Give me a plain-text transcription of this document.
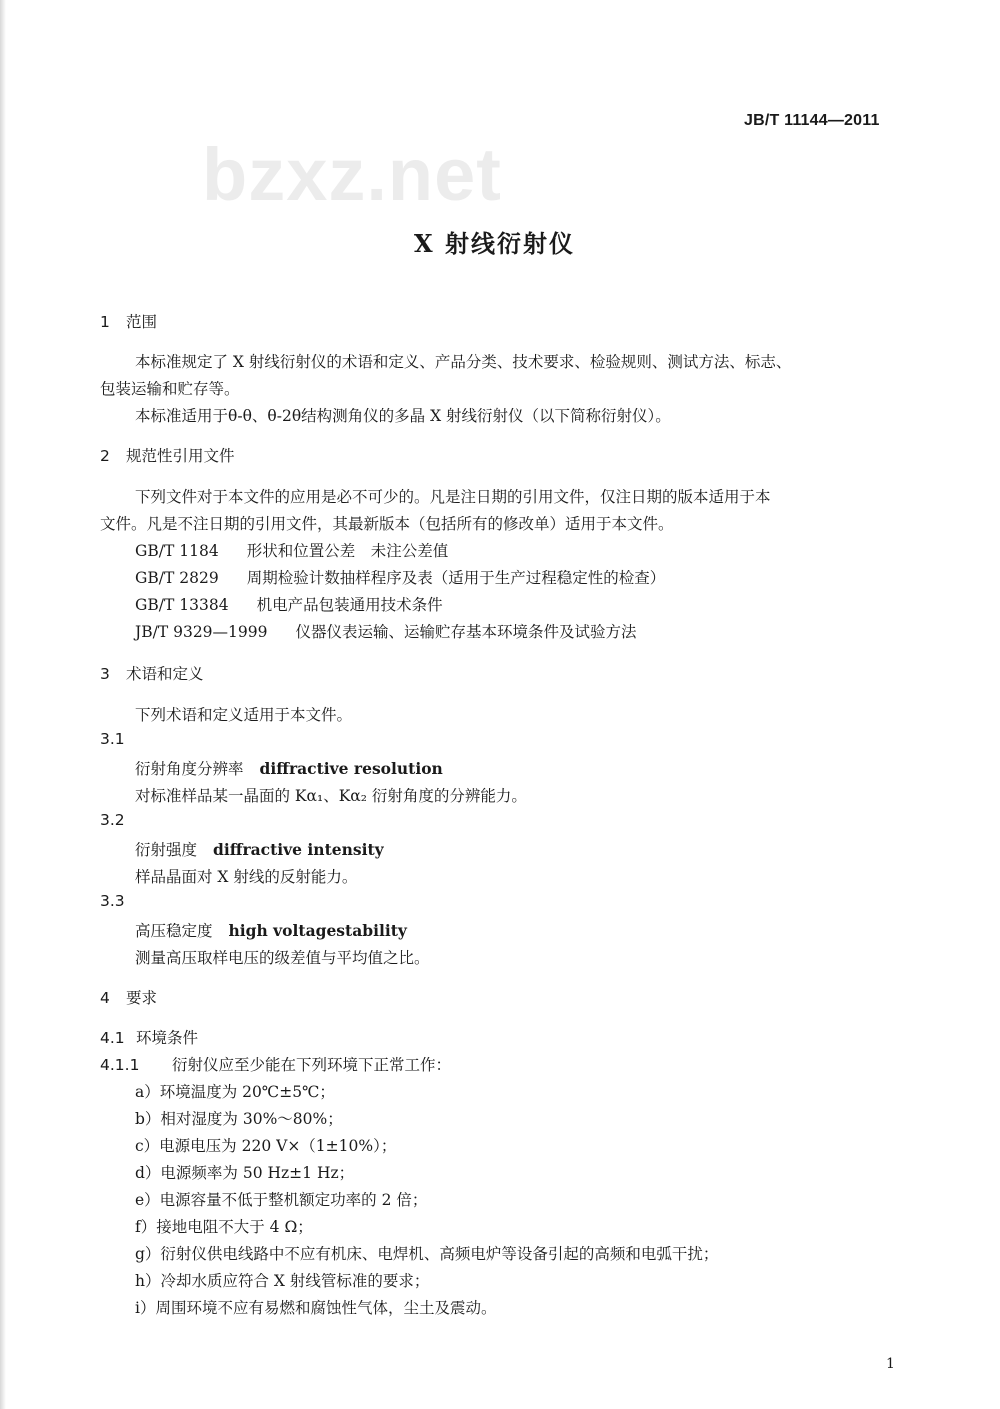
bzxz.net
JB/T 11144—2011
X 射线衍射仪
1 范围
本标准规定了 X 射线衍射仪的术语和定义、产品分类、技术要求、检验规则、测试方法、标志、
包装运输和贮存等。
本标准适用于θ-θ、θ-2θ结构测角仪的多晶 X 射线衍射仪（以下简称衍射仪）。
2 规范性引用文件
下列文件对于本文件的应用是必不可少的。凡是注日期的引用文件，仅注日期的版本适用于本
文件。凡是不注日期的引用文件，其最新版本（包括所有的修改单）适用于本文件。
GB/T 1184 形状和位置公差　未注公差值
GB/T 2829 周期检验计数抽样程序及表（适用于生产过程稳定性的检查）
GB/T 13384 机电产品包装通用技术条件
JB/T 9329—1999 仪器仪表运输、运输贮存基本环境条件及试验方法
3 术语和定义
下列术语和定义适用于本文件。
3.1
衍射角度分辨率 diffractive resolution
对标准样品某一晶面的 Kα₁、Kα₂ 衍射角度的分辨能力。
3.2
衍射强度 diffractive intensity
样品晶面对 X 射线的反射能力。
3.3
高压稳定度 high voltagestability
测量高压取样电压的级差值与平均值之比。
4 要求
4.1 环境条件
4.1.1 衍射仪应至少能在下列环境下正常工作：
a）环境温度为 20℃±5℃；
b）相对湿度为 30%～80%；
c）电源电压为 220 V×（1±10%）；
d）电源频率为 50 Hz±1 Hz；
e）电源容量不低于整机额定功率的 2 倍；
f）接地电阻不大于 4 Ω；
g）衍射仪供电线路中不应有机床、电焊机、高频电炉等设备引起的高频和电弧干扰；
h）冷却水质应符合 X 射线管标准的要求；
i）周围环境不应有易燃和腐蚀性气体，尘土及震动。
1
